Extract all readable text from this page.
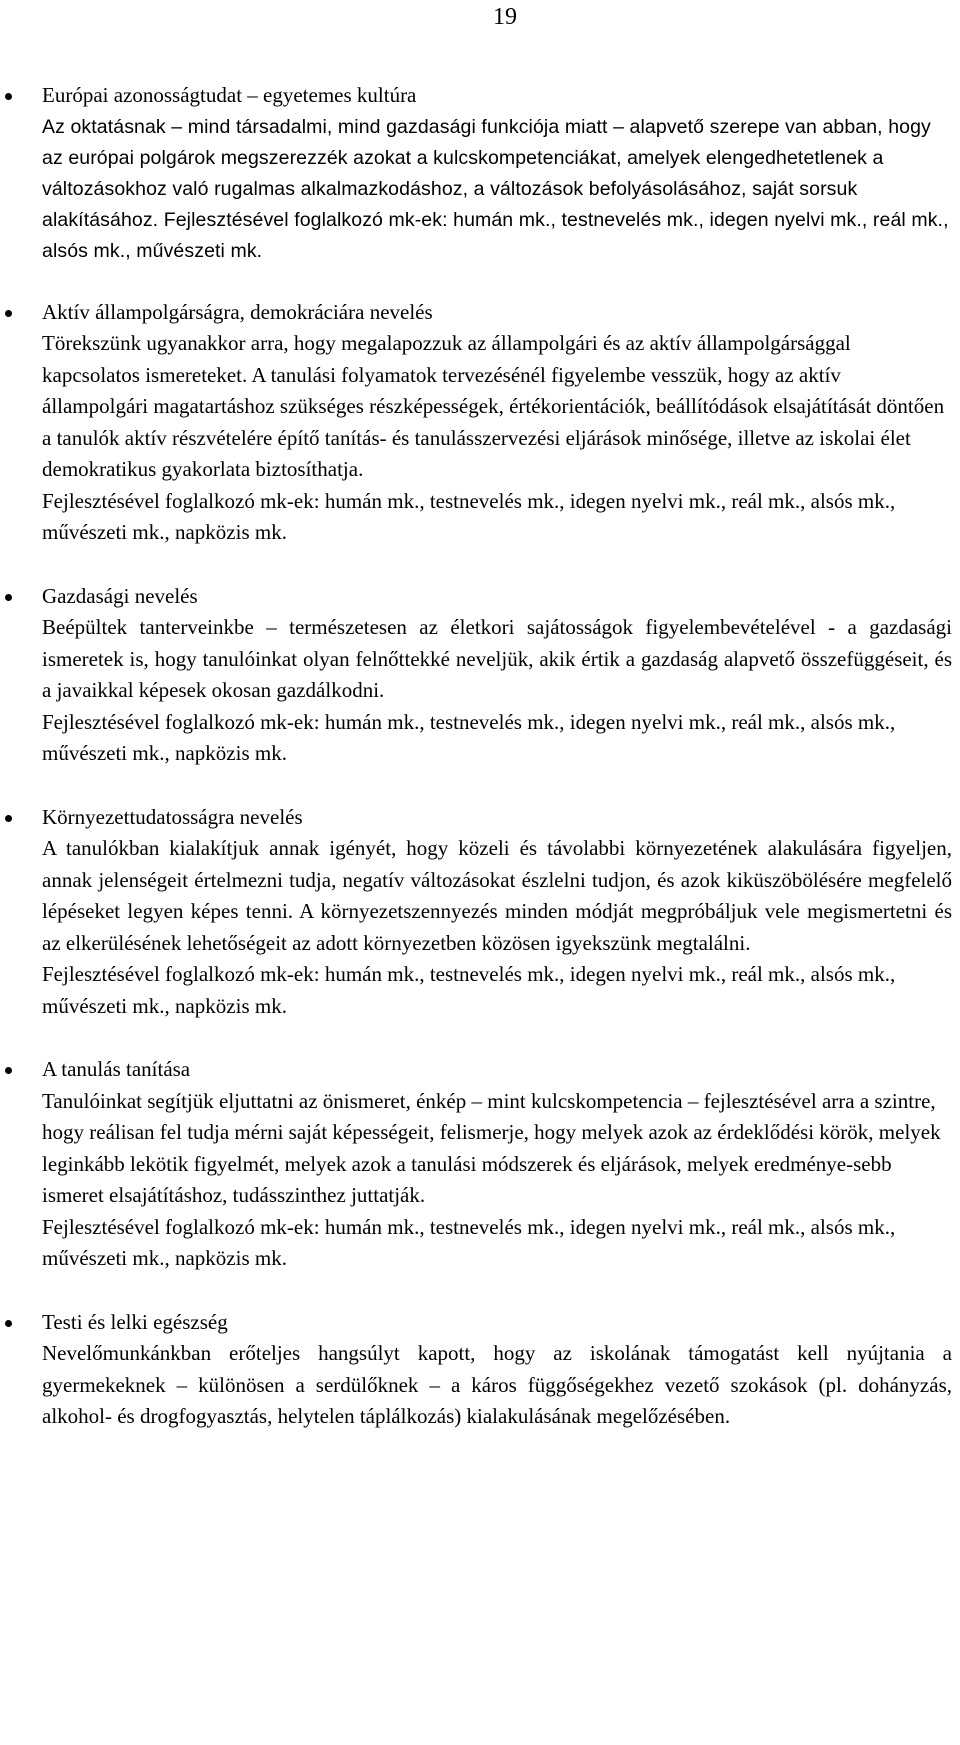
19
Európai azonosságtudat – egyetemes kultúra
Az oktatásnak – mind társadalmi, mind gazdasági funkciója miatt – alapvető szerepe van abban, hogy az európai polgárok megszerezzék azokat a kulcskompetenciákat, amelyek elengedhetetlenek a változásokhoz való rugalmas alkalmazkodáshoz, a változások befolyásolásához, saját sorsuk alakításához. Fejlesztésével foglalkozó mk-ek: humán mk., testnevelés mk., idegen nyelvi mk., reál mk., alsós mk., művészeti mk.
Aktív állampolgárságra, demokráciára nevelés
Törekszünk ugyanakkor arra, hogy megalapozzuk az állampolgári és az aktív állampolgársággal kapcsolatos ismereteket. A tanulási folyamatok tervezésénél figyelembe vesszük, hogy az aktív állampolgári magatartáshoz szükséges részképességek, értékorientációk, beállítódások elsajátítását döntően a tanulók aktív részvételére építő tanítás- és tanulásszervezési eljárások minősége, illetve az iskolai élet demokratikus gyakorlata biztosíthatja.
Fejlesztésével foglalkozó mk-ek: humán mk., testnevelés mk., idegen nyelvi mk., reál mk., alsós mk., művészeti mk., napközis mk.
Gazdasági nevelés
Beépültek tanterveinkbe – természetesen az életkori sajátosságok figyelembevételével - a gazdasági ismeretek is, hogy tanulóinkat olyan felnőttekké neveljük, akik értik a gazdaság alapvető összefüggéseit, és a javaikkal képesek okosan gazdálkodni.
Fejlesztésével foglalkozó mk-ek: humán mk., testnevelés mk., idegen nyelvi mk., reál mk., alsós mk., művészeti mk., napközis mk.
Környezettudatosságra nevelés
A tanulókban kialakítjuk annak igényét, hogy közeli és távolabbi környezetének alakulására figyeljen, annak jelenségeit értelmezni tudja, negatív változásokat észlelni tudjon, és azok kiküszöbölésére megfelelő lépéseket legyen képes tenni. A környezetszennyezés minden módját megpróbáljuk vele megismertetni és az elkerülésének lehetőségeit az adott környezetben közösen igyekszünk megtalálni.
Fejlesztésével foglalkozó mk-ek: humán mk., testnevelés mk., idegen nyelvi mk., reál mk., alsós mk., művészeti mk., napközis mk.
A tanulás tanítása
Tanulóinkat segítjük eljuttatni az önismeret, énkép – mint kulcskompetencia – fejlesztésével arra a szintre, hogy reálisan fel tudja mérni saját képességeit, felismerje, hogy melyek azok az érdeklődési körök, melyek leginkább lekötik figyelmét, melyek azok a tanulási módszerek és eljárások, melyek eredménye-sebb ismeret elsajátításhoz, tudásszinthez juttatják.
Fejlesztésével foglalkozó mk-ek: humán mk., testnevelés mk., idegen nyelvi mk., reál mk., alsós mk., művészeti mk., napközis mk.
Testi és lelki egészség
Nevelőmunkánkban erőteljes hangsúlyt kapott, hogy az iskolának támogatást kell nyújtania a gyermekeknek – különösen a serdülőknek – a káros függőségekhez vezető szokások (pl. dohányzás, alkohol- és drogfogyasztás, helytelen táplálkozás) kialakulásának megelőzésében.
